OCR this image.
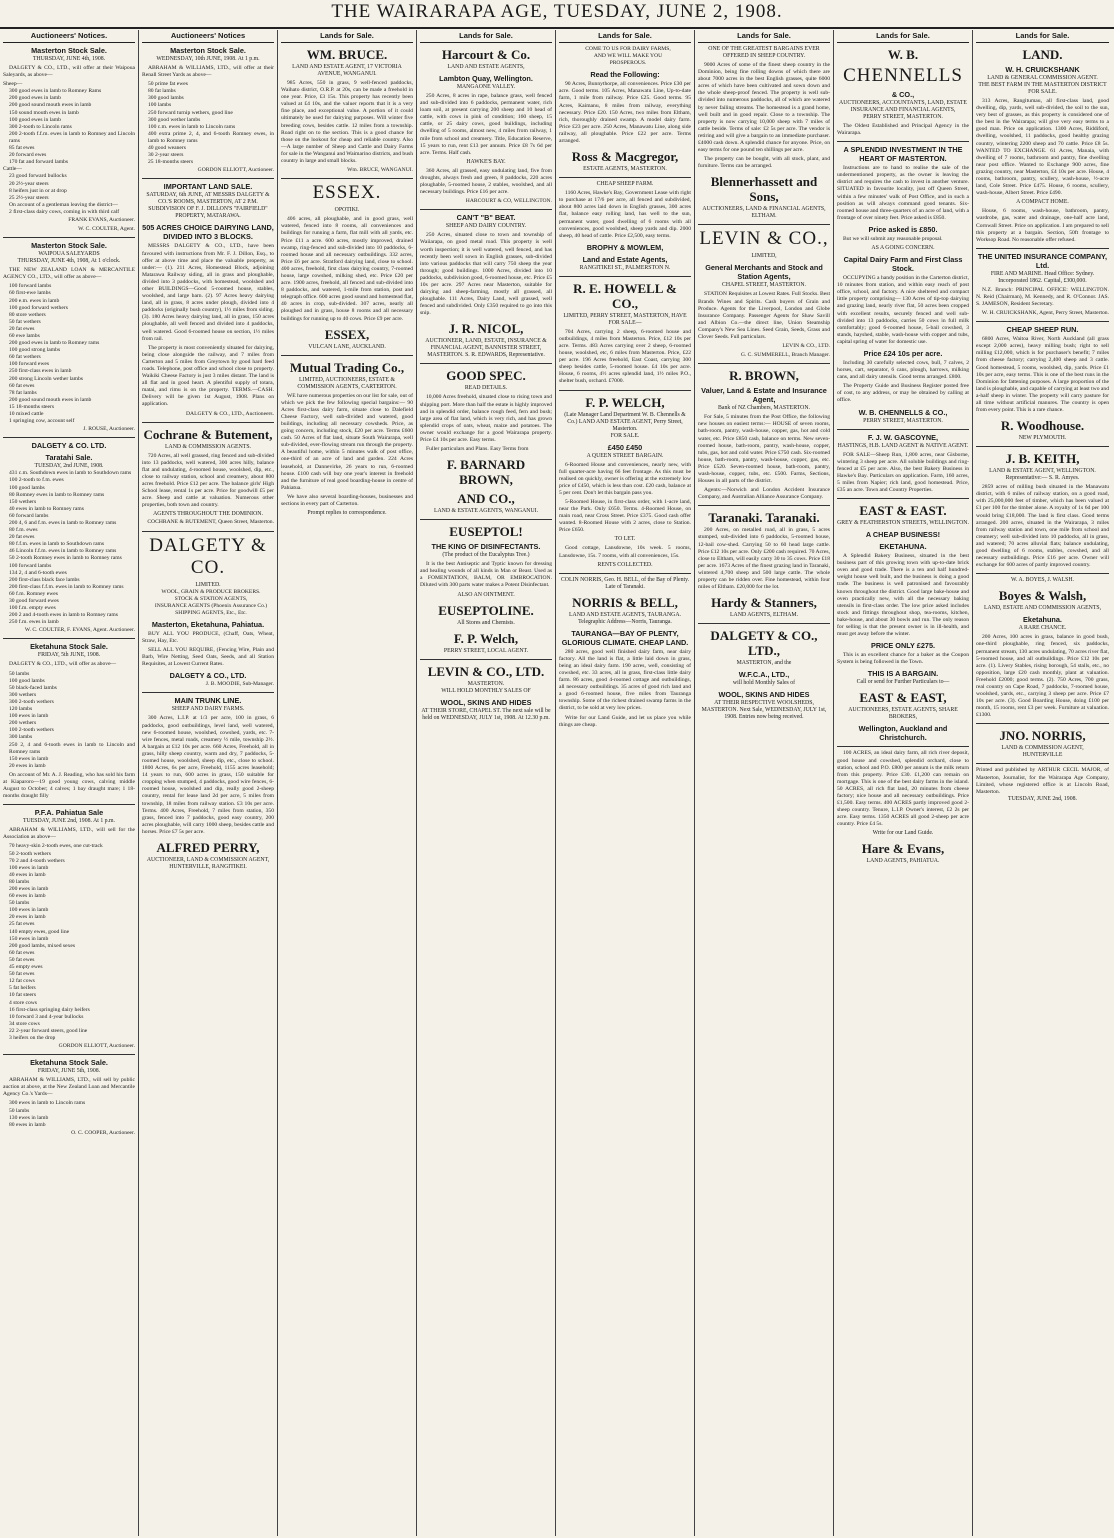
THE WAIRARAPA AGE, TUESDAY, JUNE 2, 1908.
Auctioneers' Notices.
Masterton Stock Sale.
THURSDAY, JUNE 4th, 1908.
DALGETY & CO., LTD., will offer at their Waipoua Saleyards, as above—
Sheep—
300 good ewes in lamb to Romney Rams
200 good ewes in lamb
200 good sound mouth ewes in lamb
150 sound mouth ewes in lamb
100 good ewes in lamb
300 2-tooth to Lincoln rams
200 2-tooth f.f.m. ewes in lamb to Romney and Lincoln rams
85 fat ewes
20 forward ewes
170 fat and forward lambs
Cattle—
23 good forward bullocks
20 2½-year steers
8 heifers just in or at drop
25 2½-year steers
On account of a gentleman leaving the district—
2 first-class dairy cows, coming in with third calf
FRANK EVANS, Auctioneer.
W. C. COULTER, Agent.
Masterton Stock Sale.
WAIPOUA SALEYARDS
THURSDAY, JUNE 4th, 1908, At 1 o'clock.
THE NEW ZEALAND LOAN & MERCANTILE AGENCY CO., LTD., will offer as above—
100 forward lambs
60 first-ewe lambs
200 e.m. ewes in lamb
100 good forward wethers
80 store wethers
50 fat wethers
20 fat ewes
60 ewe lambs
200 good ewes in lamb to Romney rams
100 good strong lambs
60 fat wethers
100 forward ewes
250 first-class ewes in lamb
200 strong Lincoln wether lambs
60 fat ewes
78 fat lambs
200 good sound mouth ewes in lamb
15 18-months steers
10 mixed cattle
1 springing cow, account self
J. ROUSE, Auctioneer.
DALGETY & CO. LTD.
Taratahi Sale.
TUESDAY, 2nd JUNE, 1908.
431 c.m. Southdown ewes in lamb to Southdown rams
100 2-tooth to f.m. ewes
100 good lambs
80 Romney ewes in lamb to Romney rams
150 wethers
40 ewes in lamb to Romney rams
60 forward lambs
200 4, 6 and f.m. ewes in lamb to Romney rams
80 f.m. ewes
20 fat ewes
80 f.f.m. ewes in lamb to Southdown rams
46 Lincoln f.f.m. ewes in lamb to Romney rams
50 2-tooth Romney ewes in lamb to Romney rams
100 forward lambs
134 2, 4 and 6-tooth ewes
200 first-class black face lambs
200 first-class f.f.m. ewes in lamb to Romney rams
60 f.m. Romney ewes
30 good forward ewes
100 f.m. empty ewes
200 2 and 4-tooth ewes in lamb to Romney rams
250 f.m. ewes in lamb
W. C. COULTER, F. EVANS, Agent. Auctioneer.
Eketahuna Stock Sale.
FRIDAY, 5th JUNE, 1908.
DALGETY & CO., LTD., will offer as above—
50 lambs
100 good lambs
50 black-faced lambs
300 wethers
300 2-tooth wethers
120 lambs
100 ewes in lamb
200 wethers
100 2-tooth wethers
300 lambs
250 2, 4 and 6-tooth ewes in lamb to Lincoln and Romney rams
150 ewes in lamb
20 ewes in lamb
On account of Mr. A. J. Reading, who has sold his farm at Kiaparoro—19 good young cows, calving middle August to October; 4 calves; 1 bay draught mare; 1 18-months draught filly
P.F.A. Pahiatua Sale
TUESDAY, JUNE 2nd, 1908. At 1 p.m.
ABRAHAM & WILLIAMS, LTD., will sell for the Association as above—
70 heavy-skin 2-tooth ewes, one cut-track
50 2-tooth wethers
70 2 and 4-tooth wethers
100 ewes in lamb
40 ewes in lamb
80 lambs
200 ewes in lamb
60 ewes in lamb
50 lambs
100 ewes in lamb
20 ewes in lamb
25 fat ewes
140 empty ewes, good line
150 ewes in lamb
200 good lambs, mixed sexes
60 fat ewes
50 fat ewes
45 empty ewes
50 fat ewes
12 fat cows
5 fat heifers
10 fat steers
4 store cows
16 first-class springing dairy heifers
10 forward 3 and 4-year bullocks
34 store cows
22 2-year forward steers, good line
3 heifers on the drop
GORDON ELLIOTT, Auctioneer.
Eketahuna Stock Sale.
FRIDAY, JUNE 5th, 1908.
ABRAHAM & WILLIAMS, LTD., will sell by public auction at above, at the New Zealand Loan and Mercantile Agency Co.'s Yards—
300 ewes in lamb to Lincoln rams
50 lambs
130 ewes in lamb
80 ewes in lamb
O. C. COOPER, Auctioneer.
Auctioneers' Notices
Masterton Stock Sale.
WEDNESDAY, 10th JUNE, 1908. At 1 p.m.
ABRAHAM & WILLIAMS, LTD., will offer at their Renall Street Yards as above—
50 prime fat ewes
80 fat lambs
300 good lambs
100 lambs
250 forward turnip wethers, good line
300 good wether lambs
100 c.m. ewes in lamb to Lincoln rams
400 extra prime 2, 4, and 6-tooth Romney ewes, in lamb to Romney rams
40 good weaners
30 2-year steers
25 18-months steers
GORDON ELLIOTT, Auctioneer.
IMPORTANT LAND SALE.
SATURDAY, 6th JUNE, AT MESSRS DALGETY & CO.'S ROOMS, MASTERTON, AT 2 P.M.
SUBDIVISION OF F. J. DILLON'S "FAIRFIELD" PROPERTY, MATARAWA.
505 ACRES CHOICE DAIRYING LAND, DIVIDED INTO 3 BLOCKS.
MESSRS DALGETY & CO., LTD., have been favoured with instructions from Mr. F. J. Dillon, Esq., to offer at above time and place the valuable property, as under:— (1). 211 Acres, Homestead Block, adjoining Matarawa Railway siding, all in grass and ploughable, divided into 3 paddocks, with homestead, woolshed and other BUILDINGS—Good 5-roomed house, stables, woolshed, and large barn. (2). 97 Acres heavy dairying land, all in grass, 8 acres under plough, divided into 4 paddocks (originally bush country), 1½ miles from siding. (3). 180 Acres heavy dairying land, all in grass, 150 acres ploughable, all well fenced and divided into 4 paddocks, well watered. Good 6-roomed house on section, 1½ miles from rail.
The property is most conveniently situated for dairying, being close alongside the railway, and 7 miles from Carterton and 5 miles from Greytown by good hard feed roads. Telephone, post office and school close to property. Waikiki Cheese Factory is just 3 miles distant. The land is all flat and in good heart. A plentiful supply of totara, matai, and rimu is on the property. TERMS.—CASH. Delivery will be given 1st August, 1908. Plans on application.
DALGETY & CO., LTD., Auctioneers.
Cochrane & Butement,
LAND & COMMISSION AGENTS.
720 Acres, all well grassed, ring fenced and sub-divided into 13 paddocks, well watered, 300 acres hilly, balance flat and undulating, 4-roomed house, woolshed, dip, etc., close to railway station, school and creamery, about 800 acres freehold. Price £12 per acre. The balance girls' High School lease, rental 1s per acre. Price for goodwill £5 per acre. Sheep and cattle at valuation. Numerous other properties, both town and country.
AGENTS THROUGHOUT THE DOMINION.
COCHRANE & BUTEMENT, Queen Street, Masterton.
DALGETY & CO.
LIMITED.
WOOL, GRAIN & PRODUCE BROKERS.
STOCK & STATION AGENTS,
INSURANCE AGENTS (Phoenix Assurance Co.)
SHIPPING AGENTS, Etc., Etc.
Masterton, Eketahuna, Pahiatua.
BUY ALL YOU PRODUCE, (Chaff, Oats, Wheat, Straw, Hay, Etc.
SELL ALL YOU REQUIRE, (Fencing Wire, Plain and Barb, Wire Netting, Seed Oats, Seeds, and all Station Requisites, at Lowest Current Rates.
DALGETY & CO., LTD.
J. B. MOODIE, Sub-Manager.
MAIN TRUNK LINE.
SHEEP AND DAIRY FARMS.
300 Acres, L.I.P. at 1/3 per acre, 100 in grass, 6 paddocks, good outbuildings, level land, well watered, new 6-roomed house, woolshed, cowshed, yards, etc. 7-wire fences, metal roads, creamery ½ mile, township 2½. A bargain at £12 10s per acre. 660 Acres, Freehold, all in grass, hilly sheep country, warm and dry, 7 paddocks, 5-roomed house, woolshed, sheep dip, etc., close to school. 1800 Acres, 6s per acre, Freehold, 1155 acres leasehold; 14 years to run, 600 acres in grass, 150 suitable for cropping when stumped, 4 paddocks, good wire fences, 6-roomed house, woolshed and dip, really good 2-sheep country, rental for lease land 2d per acre, 5 miles from township, 18 miles from railway station. £3 10s per acre. Terms. 400 Acres, Freehold, 7 miles from station, 350 grass, fenced into 7 paddocks, good easy country, 200 acres ploughable, will carry 1000 sheep, besides cattle and horses. Price £7 5s per acre.
ALFRED PERRY,
AUCTIONEER, LAND & COMMISSION AGENT, HUNTERVILLE, RANGITIKEI.
Lands for Sale.
WM. BRUCE.
LAND AND ESTATE AGENT, 17 VICTORIA AVENUE, WANGANUI.
985 Acres, 550 in grass, 9 well-fenced paddocks, Waihato district, O.R.P. at 20s, can be made a freehold in one year. Price, £3 15s. This property has recently been valued at £4 10s, and the valuer reports that it is a very fine place, and exceptional value. A portion of it could ultimately be used for dairying purposes. Will winter five breeding cows, besides cattle. 12 miles from a township. Road right on to the section. This is a good chance for those on the lookout for cheap and reliable country. Also—A large number of Sheep and Cattle and Dairy Farms for sale in the Wanganui and Waimarino districts, and bush country in large and small blocks.
Wm. BRUCE, WANGANUI.
ESSEX.
OPOTIKI.
406 acres, all ploughable, and in good grass, well watered, fenced into 8 rooms, all conveniences and buildings for running a farm, flat mill with all yards, etc. Price £11 a acre. 600 acres, mostly improved, drained swamp, ring-fenced and sub-divided into 10 paddocks, 6-roomed house and all necessary outbuildings. 332 acres, Price £6 per acre. Stratford dairying land, close to school. 400 acres, freehold, first class dairying country, 7-roomed house, large cowshed, milking shed, etc. Price £20 per acre. 1900 acres, freehold, all fenced and sub-divided into 8 paddocks, and watered, 1-mile from station, post and telegraph office. 600 acres good sound and homestead flat, 40 acres in crop, sub-divided. 307 acres, nearly all ploughed and in grass, house 8 rooms and all necessary buildings for running up to 40 cows. Price £9 per acre.
ESSEX,
VULCAN LANE, AUCKLAND.
Mutual Trading Co.,
LIMITED, AUCTIONEERS, ESTATE & COMMISSION AGENTS, CARTERTON.
WE have numerous properties on our list for sale, out of which we pick the few following special bargains:— 90 Acres first-class dairy farm, situate close to Dalefield Cheese Factory, well sub-divided and watered, good buildings, including all necessary cowsheds. Price, as going concern, including stock, £20 per acre. Terms £600 cash. 50 Acres of flat land, situate South Wairarapa, well sub-divided, ever-flowing stream run through the property. A beautiful home, within 5 minutes walk of post office, one-third of an acre of land and garden. 224 Acres leasehold, at Dannevirke, 26 years to run, 6-roomed house. £100 cash will buy one year's interest in freehold and the furniture of real good boarding-house in centre of Pahiatua.
We have also several boarding-houses, businesses and sections in every part of Carterton.
Prompt replies to correspondence.
Lands for Sale.
Harcourt & Co.
LAND AND ESTATE AGENTS,
Lambton Quay, Wellington.
MANGAONE VALLEY.
250 Acres, 8 acres in rape, balance grass, well fenced and sub-divided into 6 paddocks, permanent water, rich loam soil, at present carrying 200 sheep and 10 head of cattle, with cows in pink of condition; 160 sheep, 15 cattle, or 25 dairy cows, good buildings, including dwelling of 5 rooms, almost new, 4 miles from railway, 1 mile from school and creamery. Title, Education Reserve, 15 years to run, rent £13 per annum. Price £8 7s 6d per acre. Terms. Half cash.
HAWKE'S BAY.
360 Acres, all grassed, easy undulating land, five from droughts, always fresh and green, 8 paddocks, 220 acres ploughable, 5-roomed house, 2 stables, woolshed, and all necessary buildings. Price £16 per acre.
HARCOURT & CO, WELLINGTON.
CAN'T "B" BEAT.
SHEEP AND DAIRY COUNTRY.
250 Acres, situated close to town and township of Waiiarapa, on good metal road. This property is well worth inspection; it is well watered, well fenced, and has recently been well sown in English grasses, sub-divided into various paddocks that will carry 750 sheep the year through; good buildings. 1000 Acres, divided into 10 paddocks, subdivision good, 6-roomed house, etc. Price £5 10s per acre. 297 Acres near Masterton, suitable for dairying and sheep-farming, mostly all grassed, all ploughable. 111 Acres, Dairy Land, well grassed, well fenced and subdivided. Only £350 required to go into this snip.
J. R. NICOL,
AUCTIONEER, LAND, ESTATE, INSURANCE & FINANCIAL AGENT, BANNISTER STREET, MASTERTON. S. R. EDWARDS, Representative.
GOOD SPEC.
READ DETAILS.
10,000 Acres freehold, situated close to rising town and shipping port. More than half the estate is highly improved and in splendid order, balance rough feed, fern and bush; large area of flat land, which is very rich, and has grown splendid crops of oats, wheat, maize and potatoes. The owner would exchange for a good Wairarapa property. Price £4 10s per acre. Easy terms.
Fuller particulars and Plans. Easy Terms from
F. BARNARD BROWN,
AND CO.,
LAND & ESTATE AGENTS, WANGANUI.
EUSEPTOL!
THE KING OF DISINFECTANTS.
(The product of the Eucalyptus Tree.)
It is the best Antiseptic and Typtic known for dressing and healing wounds of all kinds in Man or Beast. Used as a FOMENTATION, BALM, OR EMBROCATION. Diluted with 300 parts water makes a Potent Disinfectant.
ALSO AN OINTMENT.
EUSEPTOLINE.
All Stores and Chemists.
F. P. Welch,
PERRY STREET, LOCAL AGENT.
LEVIN & CO., LTD.
MASTERTON.
WILL HOLD MONTHLY SALES OF
WOOL, SKINS AND HIDES
AT THEIR STORE, CHAPEL ST. The next sale will be held on WEDNESDAY, JULY 1st, 1908. At 12.30 p.m.
Lands for Sale.
COME TO US FOR DAIRY FARMS,
AND WE WILL MAKE YOU
PROSPEROUS.
Read the Following:
90 Acres, Bunnythorpe, all conveniences. Price £30 per acre. Good terms. 105 Acres, Manawatu Line, Up-to-date farm, 1 mile from railway. Price £25. Good terms. 95 Acres, Kaimanu, 8 miles from railway, everything necessary. Price £20. 150 Acres, two miles from Eltham, rich, thoroughly drained swamp. A model dairy farm. Price £23 per acre. 250 Acres, Manawatu Line, along side railway, all ploughable. Price £22 per acre. Terms arranged.
Ross & Macgregor,
ESTATE AGENTS, MASTERTON.
CHEAP SHEEP FARM.
1160 Acres, Hawke's Bay, Government Lease with right to purchase at 17/6 per acre, all fenced and subdivided, about 800 acres laid down in English grasses, 300 acres flat, balance easy rolling land, has well to the sun, permanent water, good dwelling of 6 rooms with all conveniences, good woolshed, sheep yards and dip. 2000 sheep, 40 head of cattle. Price £2,500, easy terms.
BROPHY & MOWLEM,
Land and Estate Agents,
RANGITIKEI ST., PALMERSTON N.
R. E. HOWELL & CO.,
LIMITED, PERRY STREET, MASTERTON, HAVE FOR SALE—
704 Acres, carrying 2 sheep, 6-roomed house and outbuildings, 4 miles from Masterton. Price, £12 10s per acre. Terms. 483 Acres carrying over 2 sheep, 6-roomed house, woolshed, etc, 6 miles from Masterton. Price, £22 per acre. 196 Acres freehold, East Coast, carrying 300 sheep besides cattle, 5-roomed house. £4 10s per acre. House, 6 rooms, 4½ acres splendid land, 1½ miles P.O., shelter bush, orchard. £7000.
F. P. WELCH,
(Late Manager Land Department W. B. Chennells & Co.) LAND AND ESTATE AGENT, Perry Street, Masterton.
FOR SALE.
£450 £450
A QUEEN STREET BARGAIN.
6-Roomed House and conveniences, nearly new, with full quarter-acre having 66 feet frontage. As this must be realised on quickly, owner is offering at the extremely low price of £450, which is less than cost. £20 cash, balance at 5 per cent. Don't let this bargain pass you.
5-Roomed House, in first-class order, with 1-acre land, near the Park. Only £650. Terms. 4-Roomed House, on main road, near Cross Street. Price £375. Good cash offer wanted. 8-Roomed House with 2 acres, close to Station. Price £650.
TO LET.
Good cottage, Lansdowne, 10s week. 5 rooms, Lansdowne, 15s. 7 rooms, with all conveniences, 15s.
RENTS COLLECTED.
COLIN NORRIS, Geo. H. BELL, of the Bay of Plenty. Late of Taranaki.
NORRIS & BELL,
LAND AND ESTATE AGENTS, TAURANGA.
Telegraphic Address—Norris, Tauranga.
TAURANGA—BAY OF PLENTY, GLORIOUS CLIMATE. CHEAP LAND.
280 acres, good well finished dairy farm, near dairy factory. All the land is flat, a little laid down in grass, being an ideal dairy farm. 190 acres, well, consisting of cowshed, etc. 33 acres, all in grass, first-class little dairy farm. 86 acres, good 4-roomed cottage and outbuildings, all necessary outbuildings. 35 acres of good rich land and a good 6-roomed house, five miles from Tauranga township. Some of the richest drained swamp farms in the district, to be sold at very low prices.
Write for our Land Guide, and let us place you while things are cheap.
Lands for Sale.
ONE OF THE GREATEST BARGAINS EVER OFFERED IN SHEEP COUNTRY.
9000 Acres of some of the finest sheep country in the Dominion, being fine rolling downs of which there are about 7000 acres in the best English grasses, quite 6000 acres of which have been cultivated and sown down and the whole sheep-proof fenced. The property is well sub-divided into numerous paddocks, all of which are watered by never failing streams. The homestead is a grand home, well built and in good repair. Close to a township. The property is now carrying 10,000 sheep with 7 miles of cattle beside. Terms of sale: £2 5s per acre. The vendor is retiring and will give a bargain to an immediate purchaser. £4000 cash down. A splendid chance for anyone. Price, on easy terms for one pound ten shillings per acre.
The property can be bought, with all stock, plant, and furniture. Terms can be arranged.
Blennerhassett and Sons,
AUCTIONEERS, LAND & FINANCIAL AGENTS, ELTHAM.
LEVIN & CO.,
LIMITED,
General Merchants and Stock and Station Agents,
CHAPEL STREET, MASTERTON.
STATION Requisites at Lowest Rates. Full Stocks. Best Brands Wines and Spirits. Cash buyers of Grain and Produce. Agents for the Liverpool, London and Globe Insurance Company. Passenger Agents for Shaw Savill and Albion Co.—the direct line, Union Steamship Company's New Sea Lines. Seed Grain, Seeds, Grass and Clover Seeds. Full particulars.
LEVIN & CO., LTD.
G. C. SUMMERELL, Branch Manager.
R. BROWN,
Valuer, Land & Estate and Insurance Agent,
Bank of NZ Chambers, MASTERTON.
For Sale, 5 minutes from the Post Office, the following new houses on easiest terms:— HOUSE of seven rooms, bath-room, pantry, wash-house, copper, gas, hot and cold water, etc. Price £850 cash, balance on terms. New seven-roomed house, bath-room, pantry, wash-house, copper, tubs, gas, hot and cold water. Price £750 cash. Six-roomed house, bath-room, pantry, wash-house, copper, gas, etc. Price £520. Seven-roomed house, bath-room, pantry, wash-house, copper, tubs, etc. £500. Farms, Sections, Houses in all parts of the district.
Agents:—Norwich and London Accident Insurance Company, and Australian Alliance Assurance Company.
Taranaki. Taranaki.
200 Acres, on metalled road, all in grass, 5 acres stumped, sub-divided into 6 paddocks, 5-roomed house, 12-bail cow-shed. Carrying 50 to 60 head large cattle. Price £12 10s per acre. Only £200 cash required. 70 Acres, close to Eltham, will easily carry 30 to 35 cows. Price £18 per acre. 1673 Acres of the finest grazing land in Taranaki, wintered 4,700 sheep and 500 large cattle. The whole property can be ridden over. Fine homestead, within four miles of Eltham. £20,000 for the lot.
Hardy & Stanners,
LAND AGENTS, ELTHAM.
DALGETY & CO., LTD.,
MASTERTON, and the
W.F.C.A., LTD.,
will hold Monthly Sales of
WOOL, SKINS AND HIDES
AT THEIR RESPECTIVE WOOLSHEDS, MASTERTON. Next Sale, WEDNESDAY, JULY 1st, 1908. Entries now being received.
Lands for Sale.
W. B.
CHENNELLS
& CO.,
AUCTIONEERS, ACCOUNTANTS, LAND, ESTATE INSURANCE AND FINANCIAL AGENTS,
PERRY STREET, MASTERTON.
The Oldest Established and Principal Agency in the Wairarapa.
A SPLENDID INVESTMENT IN THE HEART OF MASTERTON.
Instructions are to hand to realise the sale of the undermentioned property, as the owner is leaving the district and requires the cash to invest in another venture. SITUATED in favourite locality, just off Queen Street, within a few minutes' walk of Post Office, and in such a position as will always command good tenants. Six-roomed house and three-quarters of an acre of land, with a frontage of over ninety feet. Price asked is £850.
Price asked is £850.
But we will submit any reasonable proposal.
AS A GOING CONCERN.
Capital Dairy Farm and First Class Stock.
OCCUPYING a handy position in the Carterton district, 10 minutes from station, and within easy reach of post office, school, and factory. A nice sheltered and compact little property comprising— 130 Acres of tip-top dairying and grazing land, nearly river flat, 50 acres been cropped with excellent results, securely fenced and well sub-divided into 13 paddocks, carries 50 cows in full milk comfortably; good 6-roomed house, 5-bail cowshed, 3 stands, hayshed, stable, wash-house with copper and tubs, capital spring of water for domestic use.
Price £24 10s per acre.
Including 30 carefully selected cows, bull, 7 calves, 2 horses, cart, separator, 6 cans, plough, harrows, milking cans, and all dairy utensils. Good terms arranged. £800.
The Property Guide and Business Register posted free of cost, to any address, or may be obtained by calling at office.
W. B. CHENNELLS & CO.,
PERRY STREET, MASTERTON.
F. J. W. GASCOYNE,
HASTINGS, H.B. LAND AGENT & NATIVE AGENT.
FOR SALE—Sheep Run, 1,800 acres, near Gisborne, wintering 3 sheep per acre. All soluble buildings and ring-fenced at £5 per acre. Also, the best Bakery Business in Hawke's Bay. Particulars on application. Farm, 160 acres, 5 miles from Napier; rich land, good homestead. Price, £35 an acre. Town and Country Properties.
EAST & EAST.
GREY & FEATHERSTON STREETS, WELLINGTON.
A CHEAP BUSINESS!
EKETAHUNA.
A Splendid Bakery Business, situated in the best business part of this growing town with up-to-date brick oven and good trade. There is a ten and half hundred-weight house well built, and the business is doing a good trade. The business is well patronised and favourably known throughout the district. Good large bake-house and oven practically new, with all the necessary baking utensils in first-class order. The low price asked includes stock and fittings throughout shop, tea-rooms, kitchen, bake-house, and about 30 bowls and run. The only reason for selling is that the present owner is in ill-health, and must get away before the winter.
PRICE ONLY £275.
This is an excellent chance for a baker as the Coupon System is being followed in the Town.
THIS IS A BARGAIN.
Call or send for Further Particulars to—
EAST & EAST,
AUCTIONEERS, ESTATE AGENTS, SHARE BROKERS,
Wellington, Auckland and Christchurch.
100 ACRES, an ideal dairy farm, all rich river deposit, good house and cowshed, splendid orchard, close to station, school and P.O. £800 per annum is the milk return from this property. Price £30. £1,200 can remain on mortgage. This is one of the best dairy farms in the island. 50 ACRES, all rich flat land, 20 minutes from cheese factory; nice house and all necessary outbuildings. Price £1,500. Easy terms. 400 ACRES partly improved good 2-sheep country. Tenure, L.I.P. Owner's interest, £2 2s per acre. Easy terms. 1350 ACRES all good 2-sheep per acre country. Price £4 5s.
Write for our Land Guide.
Hare & Evans,
LAND AGENTS, PAHIATUA.
Lands for Sale.
LAND.
W. H. CRUICKSHANK
LAND & GENERAL COMMISSION AGENT.
THE BEST FARM IN THE MASTERTON DISTRICT FOR SALE.
313 Acres, Rangitumau, all first-class land, good dwelling, dip, yards, well sub-divided, the soil to the sun, very best of grasses, as this property is considered one of the best in the Wairarapa; will give very easy terms to a good man. Price on application. 1300 Acres, Riddiford, dwelling, woolshed, 11 paddocks, good healthy grazing country, wintering 2200 sheep and 70 cattle. Price £8 5s. WANTED TO EXCHANGE. 61 Acres, Manaia, with dwelling of 7 rooms, bathroom and pantry, fine dwelling near post office. Wanted to Exchange 900 acres, fine grazing country, near Masterton, £4 10s per acre. House, 4 rooms, bathroom, pantry, scullery, wash-house, ½-acre land, Cole Street. Price £475. House, 6 rooms, scullery, wash-house, Albert Street. Price £490.
A COMPACT HOME.
House, 6 rooms, wash-house, bathroom, pantry, wardrobe, gas, water and drainage, one-half acre land, Cornwall Street. Price on application. I am prepared to sell this property at a bargain. Section, 50ft frontage to Worksop Road. No reasonable offer refused.
THE UNITED INSURANCE COMPANY, Ltd.
FIRE AND MARINE. Head Office: Sydney. Incorporated 1862. Capital, £300,000.
N.Z. Branch: PRINCIPAL OFFICE: WELLINGTON. N. Reid (Chairman), M. Kennedy, and R. O'Connor. JAS. S. JAMESON, Resident Secretary.
W. H. CRUICKSHANK, Agent, Perry Street, Masterton.
CHEAP SHEEP RUN.
6800 Acres, Waitoa River, North Auckland (all grass except 2,000 acres), heavy milling bush; right to sell milling £12,000, which is for purchaser's benefit; 7 miles from cheese factory; carrying 2,400 sheep and 3 cattle. Good homestead, 5 rooms, woolshed, dip, yards. Price £1 10s per acre, easy terms. This is one of the best runs in the Dominion for fattening purposes. A large proportion of the land is ploughable, and capable of carrying at least two and a-half sheep in winter. The property will carry pasture for all time without artificial manures. The country is open from every point. This is a rare chance.
R. Woodhouse.
NEW PLYMOUTH.
J. B. KEITH,
LAND & ESTATE AGENT, WELLINGTON.
Representative:— S. R. Amyes.
2859 acres of milling bush situated in the Manawatu district, with 6 miles of railway station, on a good road, with 25,000,000 feet of timber, which has been valued at £1 per 100 for the timber alone. A royalty of 1s 6d per 100 would bring £18,000. The land is first class. Good terms arranged. 200 acres, situated in the Wairarapa, 3 miles from railway station and town, one mile from school and creamery; well sub-divided into 10 paddocks, all in grass, and watered; 70 acres alluvial flats; balance undulating, good dwelling of 6 rooms, stables, cowshed, and all necessary outbuildings. Price £16 per acre. Owner will exchange for 600 acres of partly improved country.
W. A. BOYES, J. WALSH.
Boyes & Walsh,
LAND, ESTATE AND COMMISSION AGENTS,
Eketahuna.
A RARE CHANCE.
200 Acres, 100 acres in grass, balance in good bush, one-third ploughable, ring fenced, six paddocks, permanent stream, 130 acres undulating, 70 acres river flat, 5-roomed house, and all outbuildings. Price £12 10s per acre. (1). Livery Stables, rising borough, 54 stalls, etc., no opposition, large £20 cash monthly, plant at valuation. Freehold £2000; good terms. (2). 750 Acres, 700 grass, real country on Cape Road, 7 paddocks, 7-roomed house, woolshed, yards, etc., carrying 3 sheep per acre. Price £7 10s per acre. (3). Good Boarding House, doing £100 per month, 15 rooms, rent £3 per week. Furniture at valuation. £1300.
JNO. NORRIS,
LAND & COMMISSION AGENT,
HUNTERVILLE
Printed and published by ARTHUR CECIL MAJOR, of Masterton, Journalist, for the Wairarapa Age Company, Limited, whose registered office is at Lincoln Road, Masterton.
TUESDAY, JUNE 2nd, 1908.
